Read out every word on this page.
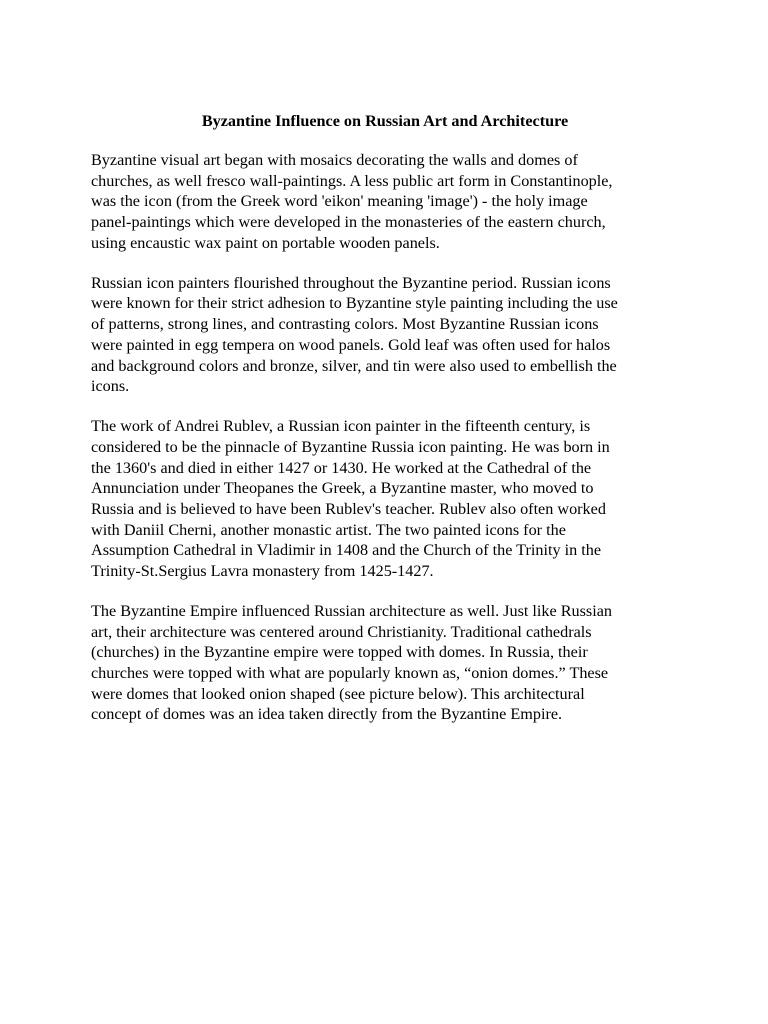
Byzantine Influence on Russian Art and Architecture

Byzantine visual art began with mosaics decorating the walls and domes of
churches, as well fresco wall-paintings. A less public art form in Constantinople,
was the icon (from the Greek word 'eikon' meaning 'image') - the holy image
panel-paintings which were developed in the monasteries of the eastern church,
using encaustic wax paint on portable wooden panels.

Russian icon painters flourished throughout the Byzantine period. Russian icons
were known for their strict adhesion to Byzantine style painting including the use
of patterns, strong lines, and contrasting colors. Most Byzantine Russian icons
were painted in egg tempera on wood panels. Gold leaf was often used for halos
and background colors and bronze, silver, and tin were also used to embellish the
icons.

The work of Andrei Rublev, a Russian icon painter in the fifteenth century, is
considered to be the pinnacle of Byzantine Russia icon painting. He was born in
the 1360's and died in either 1427 or 1430. He worked at the Cathedral of the
Annunciation under Theopanes the Greek, a Byzantine master, who moved to
Russia and is believed to have been Rublev's teacher. Rublev also often worked
with Daniil Cherni, another monastic artist. The two painted icons for the
Assumption Cathedral in Vladimir in 1408 and the Church of the Trinity in the
Trinity-St.Sergius Lavra monastery from 1425-1427.

The Byzantine Empire influenced Russian architecture as well. Just like Russian
art, their architecture was centered around Christianity. Traditional cathedrals
(churches) in the Byzantine empire were topped with domes. In Russia, their
churches were topped with what are popularly known as, “onion domes.” These
were domes that looked onion shaped (see picture below). This architectural
concept of domes was an idea taken directly from the Byzantine Empire.
